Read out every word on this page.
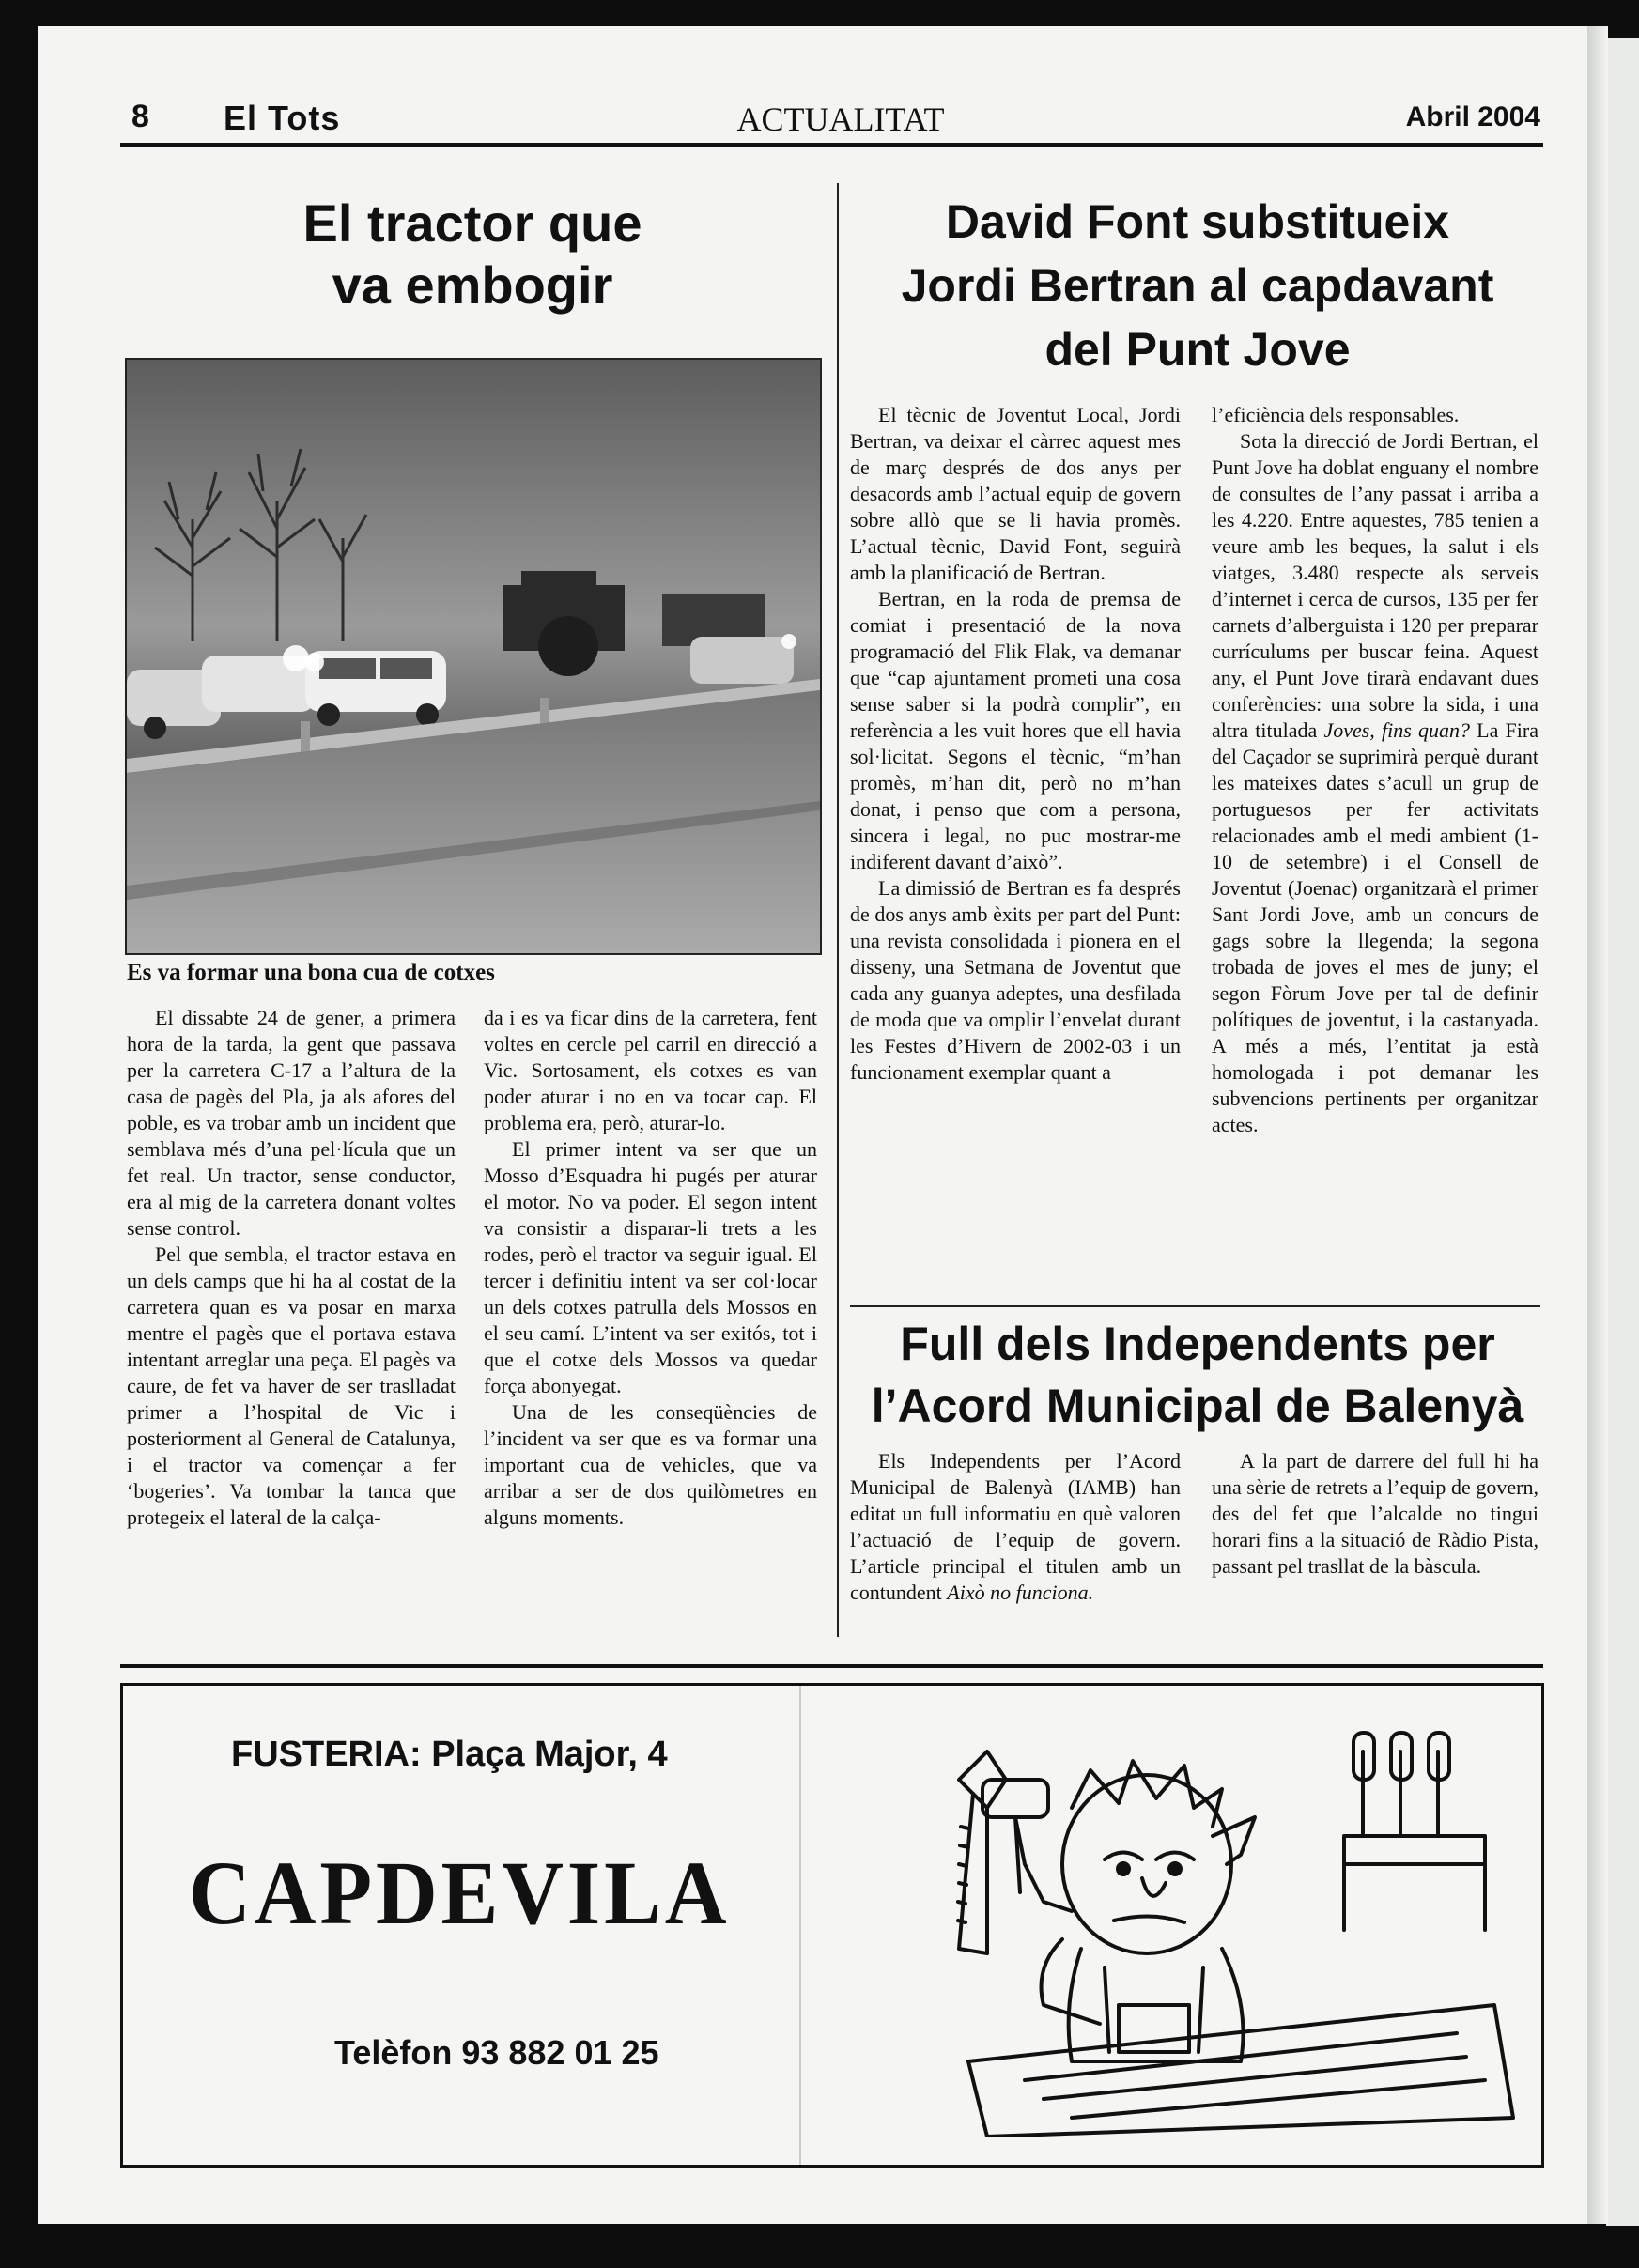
8 El Tots	ACTUALITAT	Abril 2004
El tractor que
va embogir
Es va formar una bona cua de cotxes

El dissabte 24 de gener, a primera hora de la tarda, la gent que passava per la carretera C-17 a l’altura de la casa de pagès del Pla, ja als afores del poble, es va trobar amb un incident que semblava més d’una pel·lícula que un fet real. Un tractor, sense conductor, era al mig de la carretera donant voltes sense control.

Pel que sembla, el tractor estava en un dels camps que hi ha al costat de la carretera quan es va posar en marxa mentre el pagès que el portava estava intentant arreglar una peça. El pagès va caure, de fet va haver de ser traslladat primer a l’hospital de Vic i posteriorment al General de Catalunya, i el tractor va començar a fer ‘bogeries’. Va tombar la tanca que protegeix el lateral de la calça-

da i es va ficar dins de la carretera, fent voltes en cercle pel carril en direcció a Vic. Sortosament, els cotxes es van poder aturar i no en va tocar cap. El problema era, però, aturar-lo.

El primer intent va ser que un Mosso d’Esquadra hi pugés per aturar el motor. No va poder. El segon intent va consistir a disparar-li trets a les rodes, però el tractor va seguir igual. El tercer i definitiu intent va ser col·locar un dels cotxes patrulla dels Mossos en el seu camí. L’intent va ser exitós, tot i que el cotxe dels Mossos va quedar força abonyegat.

Una de les conseqüències de l’incident va ser que es va formar una important cua de vehicles, que va arribar a ser de dos quilòmetres en alguns moments.

David Font substitueix
Jordi Bertran al capdavant
del Punt Jove

El tècnic de Joventut Local, Jordi Bertran, va deixar el càrrec aquest mes de març després de dos anys per desacords amb l’actual equip de govern sobre allò que se li havia promès. L’actual tècnic, David Font, seguirà amb la planificació de Bertran.

Bertran, en la roda de premsa de comiat i presentació de la nova programació del Flik Flak, va demanar que “cap ajuntament prometi una cosa sense saber si la podrà complir”, en referència a les vuit hores que ell havia sol·licitat. Segons el tècnic, “m’han promès, m’han dit, però no m’han donat, i penso que com a persona, sincera i legal, no puc mostrar-me indiferent davant d’això”.

La dimissió de Bertran es fa després de dos anys amb èxits per part del Punt: una revista consolidada i pionera en el disseny, una Setmana de Joventut que cada any guanya adeptes, una desfilada de moda que va omplir l’envelat durant les Festes d’Hivern de 2002-03 i un funcionament exemplar quant a

l’eficiència dels responsables.

Sota la direcció de Jordi Bertran, el Punt Jove ha doblat enguany el nombre de consultes de l’any passat i arriba a les 4.220. Entre aquestes, 785 tenien a veure amb les beques, la salut i els viatges, 3.480 respecte als serveis d’internet i cerca de cursos, 135 per fer carnets d’alberguista i 120 per preparar currículums per buscar feina. Aquest any, el Punt Jove tirarà endavant dues conferències: una sobre la sida, i una altra titulada Joves, fins quan? La Fira del Caçador se suprimirà perquè durant les mateixes dates s’acull un grup de portuguesos per fer activitats relacionades amb el medi ambient (1-10 de setembre) i el Consell de Joventut (Joenac) organitzarà el primer Sant Jordi Jove, amb un concurs de gags sobre la llegenda; la segona trobada de joves el mes de juny; el segon Fòrum Jove per tal de definir polítiques de joventut, i la castanyada. A més a més, l’entitat ja està homologada i pot demanar les subvencions pertinents per organitzar actes.

Full dels Independents per
l’Acord Municipal de Balenyà

Els Independents per l’Acord Municipal de Balenyà (IAMB) han editat un full informatiu en què valoren l’actuació de l’equip de govern. L’article principal el titulen amb un contundent Això no funciona.

A la part de darrere del full hi ha una sèrie de retrets a l’equip de govern, des del fet que l’alcalde no tingui horari fins a la situació de Ràdio Pista, passant pel trasllat de la bàscula.

FUSTERIA: Plaça Major, 4
CAPDEVILA
Telèfon 93 882 01 25
